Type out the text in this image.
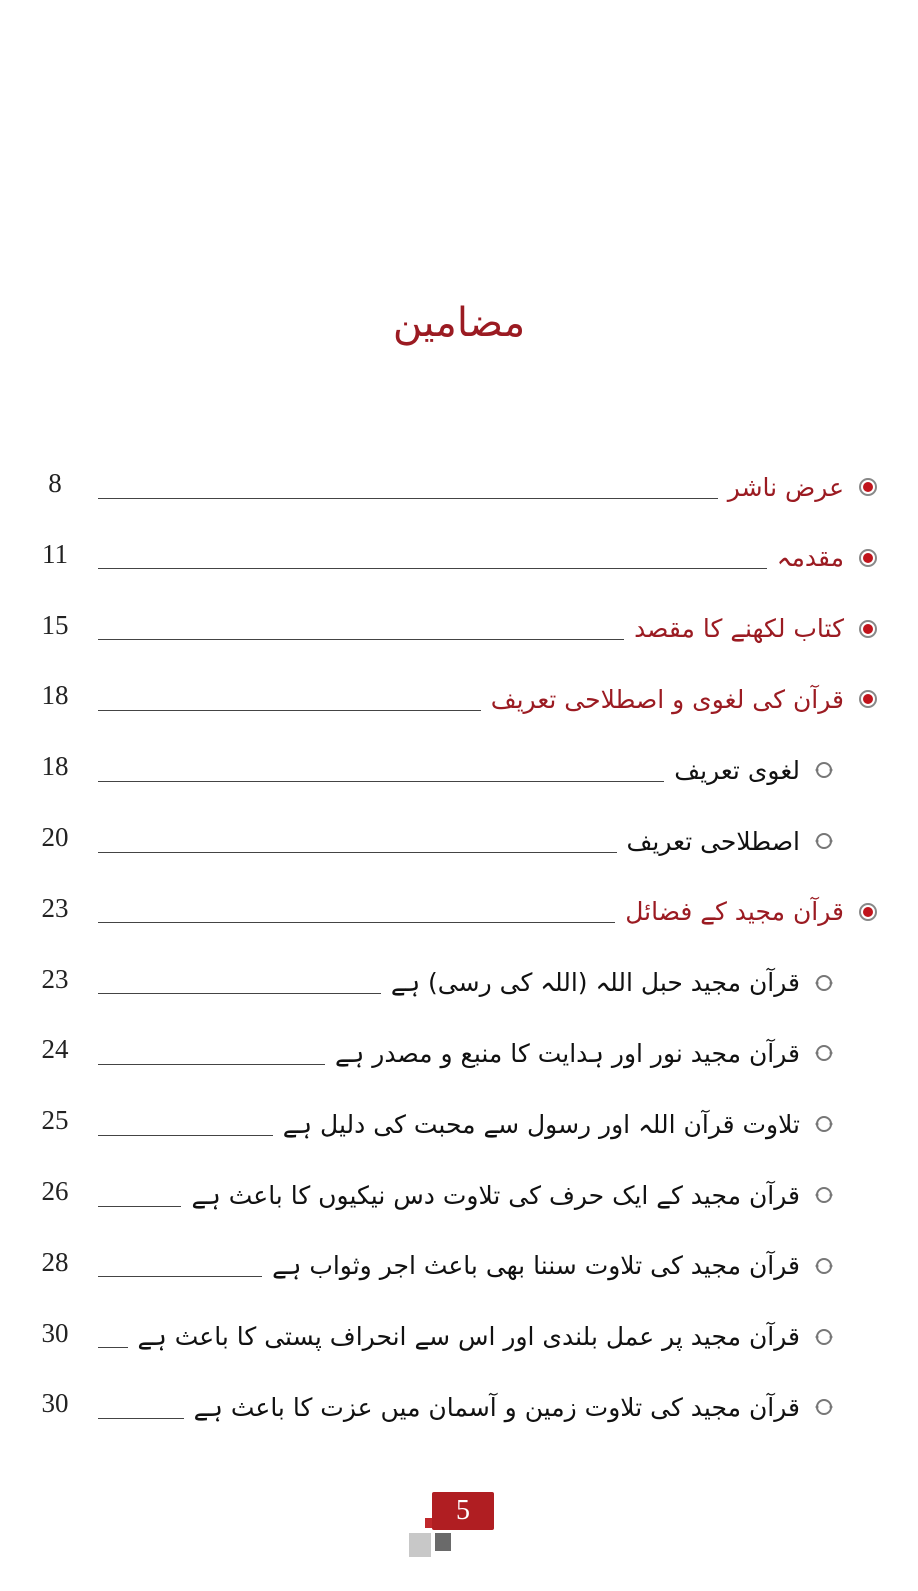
مضامین
8	عرض ناشر
11	مقدمہ
15	کتاب لکھنے کا مقصد
18	قرآن کی لغوی و اصطلاحی تعریف
18	لغوی تعریف
20	اصطلاحی تعریف
23	قرآن مجید کے فضائل
23	قرآن مجید حبل اللہ (اللہ کی رسی) ہے
24	قرآن مجید نور اور ہدایت کا منبع و مصدر ہے
25	تلاوت قرآن اللہ اور رسول سے محبت کی دلیل ہے
26	قرآن مجید کے ایک حرف کی تلاوت دس نیکیوں کا باعث ہے
28	قرآن مجید کی تلاوت سننا بھی باعث اجر وثواب ہے
30	قرآن مجید پر عمل بلندی اور اس سے انحراف پستی کا باعث ہے
30	قرآن مجید کی تلاوت زمین و آسمان میں عزت کا باعث ہے
5
